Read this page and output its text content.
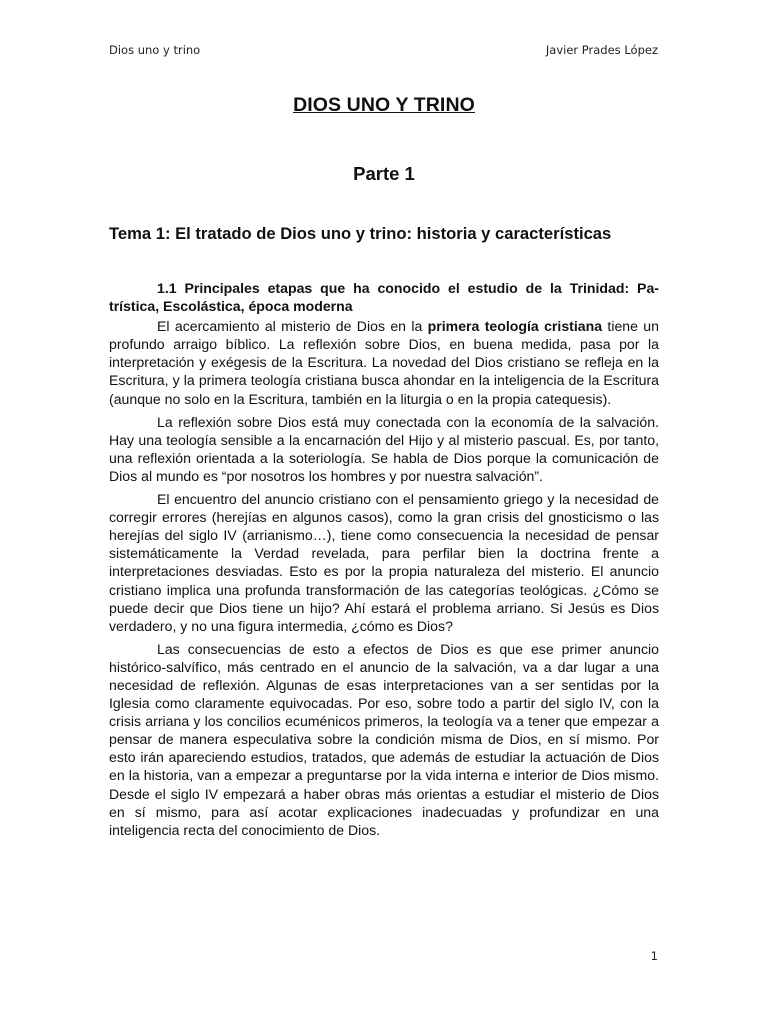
Dios uno y trino	Javier Prades López
DIOS UNO Y TRINO
Parte 1
Tema 1: El tratado de Dios uno y trino: historia y características

1.1 Principales etapas que ha conocido el estudio de la Trinidad: Patrística, Escolástica, época moderna

El acercamiento al misterio de Dios en la primera teología cristiana tiene un profundo arraigo bíblico. La reflexión sobre Dios, en buena medida, pasa por la interpretación y exégesis de la Escritura. La novedad del Dios cristiano se refleja en la Escritura, y la primera teología cristiana busca ahondar en la inteligencia de la Escritura (aunque no solo en la Escritura, también en la liturgia o en la propia catequesis).

La reflexión sobre Dios está muy conectada con la economía de la salvación. Hay una teología sensible a la encarnación del Hijo y al misterio pascual. Es, por tanto, una reflexión orientada a la soteriología. Se habla de Dios porque la comunicación de Dios al mundo es “por nosotros los hombres y por nuestra salvación”.

El encuentro del anuncio cristiano con el pensamiento griego y la necesidad de corregir errores (herejías en algunos casos), como la gran crisis del gnosticismo o las herejías del siglo IV (arrianismo…), tiene como consecuencia la necesidad de pensar sistemáticamente la Verdad revelada, para perfilar bien la doctrina frente a interpretaciones desviadas. Esto es por la propia naturaleza del misterio. El anuncio cristiano implica una profunda transformación de las categorías teológicas. ¿Cómo se puede decir que Dios tiene un hijo? Ahí estará el problema arriano. Si Jesús es Dios verdadero, y no una figura intermedia, ¿cómo es Dios?

Las consecuencias de esto a efectos de Dios es que ese primer anuncio histórico-salvífico, más centrado en el anuncio de la salvación, va a dar lugar a una necesidad de reflexión. Algunas de esas interpretaciones van a ser sentidas por la Iglesia como claramente equivocadas. Por eso, sobre todo a partir del siglo IV, con la crisis arriana y los concilios ecuménicos primeros, la teología va a tener que empezar a pensar de manera especulativa sobre la condición misma de Dios, en sí mismo. Por esto irán apareciendo estudios, tratados, que además de estudiar la actuación de Dios en la historia, van a empezar a preguntarse por la vida interna e interior de Dios mismo. Desde el siglo IV empezará a haber obras más orientas a estudiar el misterio de Dios en sí mismo, para así acotar explicaciones inadecuadas y profundizar en una inteligencia recta del conocimiento de Dios.

1
